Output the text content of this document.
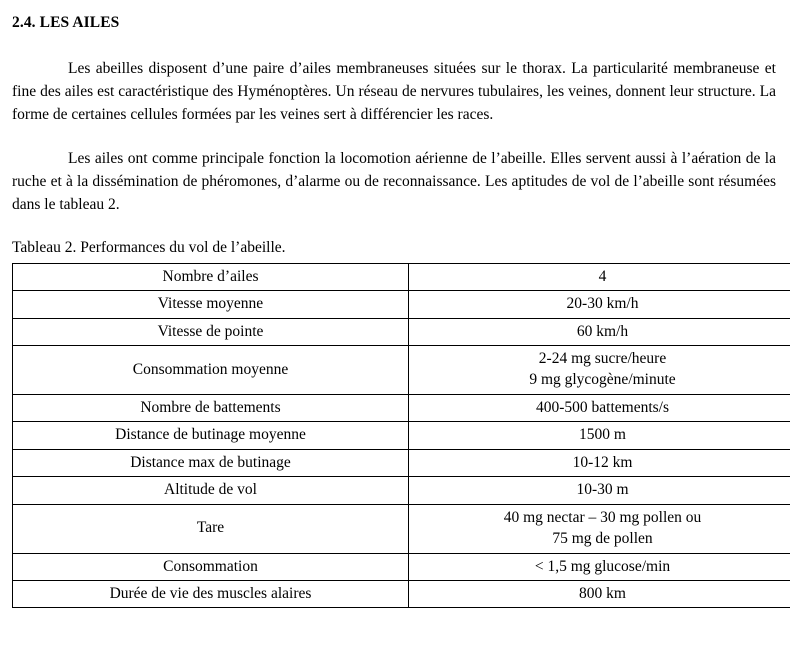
2.4. LES AILES

Les abeilles disposent d’une paire d’ailes membraneuses situées sur le thorax. La particularité membraneuse et fine des ailes est caractéristique des Hyménoptères. Un réseau de nervures tubulaires, les veines, donnent leur structure. La forme de certaines cellules formées par les veines sert à différencier les races.

Les ailes ont comme principale fonction la locomotion aérienne de l’abeille. Elles servent aussi à l’aération de la ruche et à la dissémination de phéromones, d’alarme ou de reconnaissance. Les aptitudes de vol de l’abeille sont résumées dans le tableau 2.

Tableau 2. Performances du vol de l’abeille.
Nombre d’ailes	4
Vitesse moyenne	20-30 km/h
Vitesse de pointe	60 km/h
Consommation moyenne	2-24 mg sucre/heure
9 mg glycogène/minute

Nombre de battements	400-500 battements/s
Distance de butinage moyenne	1500 m
Distance max de butinage	10-12 km
Altitude de vol	10-30 m
Tare	40 mg nectar – 30 mg pollen ou
75 mg de pollen

Consommation	< 1,5 mg glucose/min
Durée de vie des muscles alaires	800 km
